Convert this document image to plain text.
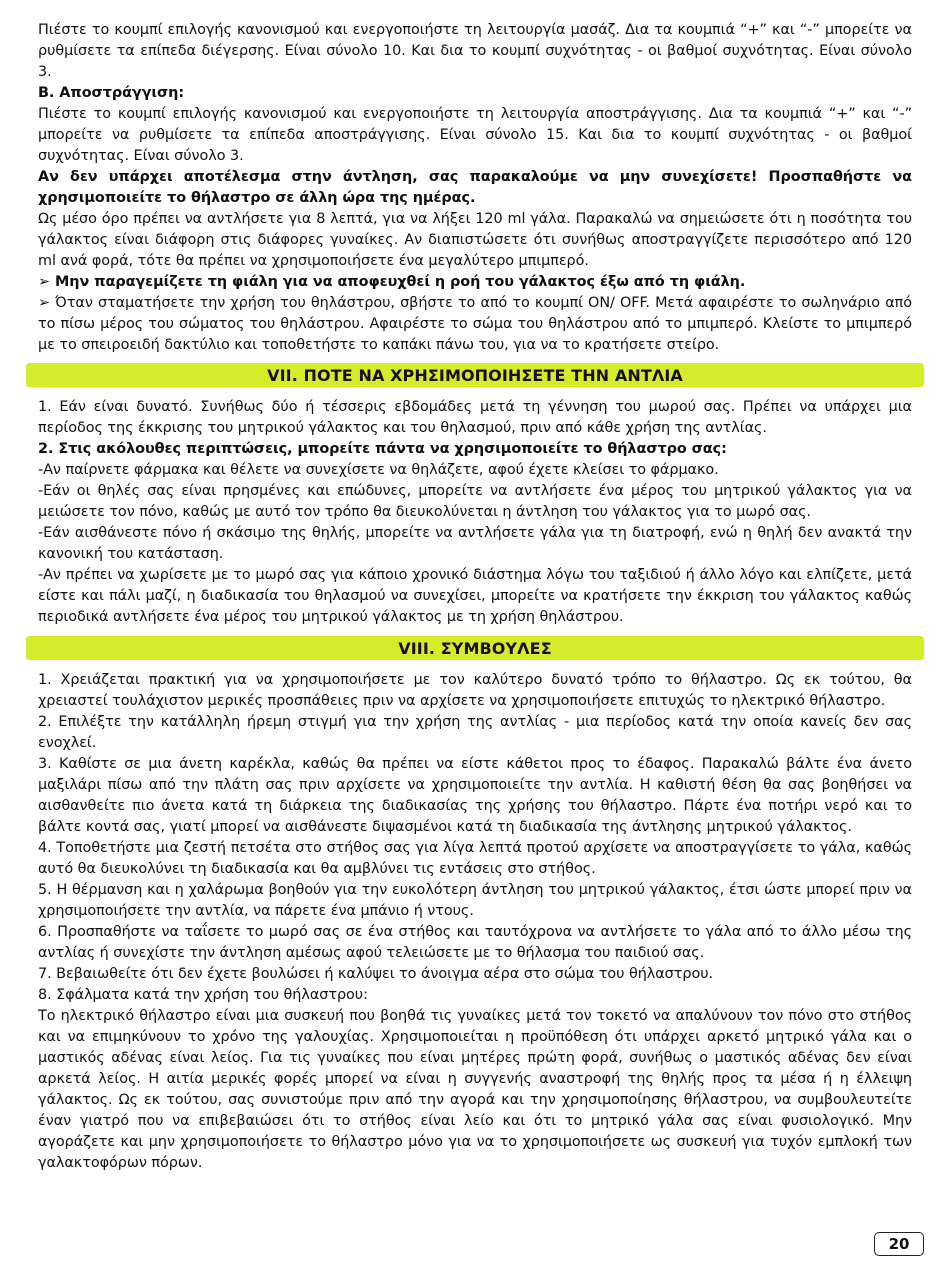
Πιέστε το κουμπί επιλογής κανονισμού και ενεργοποιήστε τη λειτουργία μασάζ. Δια τα κουμπιά “+” και “-” μπορείτε να ρυθμίσετε τα επίπεδα διέγερσης. Είναι σύνολο 10. Και δια το κουμπί συχνότητας - οι βαθμοί συχνότητας. Είναι σύνολο 3.

B. Αποστράγγιση:

Πιέστε το κουμπί επιλογής κανονισμού και ενεργοποιήστε τη λειτουργία αποστράγγισης. Δια τα κουμπιά “+” και “-” μπορείτε να ρυθμίσετε τα επίπεδα αποστράγγισης. Είναι σύνολο 15. Και δια το κουμπί συχνότητας - οι βαθμοί συχνότητας. Είναι σύνολο 3.

Αν δεν υπάρχει αποτέλεσμα στην άντληση, σας παρακαλούμε να μην συνεχίσετε! Προσπαθήστε να χρησιμοποιείτε το θήλαστρο σε άλλη ώρα της ημέρας.

Ως μέσο όρο πρέπει να αντλήσετε για 8 λεπτά, για να λήξει 120 ml γάλα. Παρακαλώ να σημειώσετε ότι η ποσότητα του γάλακτος είναι διάφορη στις διάφορες γυναίκες. Αν διαπιστώσετε ότι συνήθως αποστραγγίζετε περισσότερο από 120 ml ανά φορά, τότε θα πρέπει να χρησιμοποιήσετε ένα μεγαλύτερο μπιμπερό.

➢ Μην παραγεμίζετε τη φιάλη για να αποφευχθεί η ροή του γάλακτος έξω από τη φιάλη.

➢ Όταν σταματήσετε την χρήση του θηλάστρου, σβήστε το από το κουμπί ON/ OFF. Μετά αφαιρέστε το σωληνάριο από το πίσω μέρος του σώματος του θηλάστρου. Αφαιρέστε το σώμα του θηλάστρου από το μπιμπερό. Κλείστε το μπιμπερό με το σπειροειδή δακτύλιο και τοποθετήστε το καπάκι πάνω του, για να το κρατήσετε στείρο.

VII. ΠΟΤΕ ΝΑ ΧΡΗΣΙΜΟΠΟΙΗΣΕΤΕ ΤΗΝ ΑΝΤΛΙΑ

1. Εάν είναι δυνατό. Συνήθως δύο ή τέσσερις εβδομάδες μετά τη γέννηση του μωρού σας. Πρέπει να υπάρχει μια περίοδος της έκκρισης του μητρικού γάλακτος και του θηλασμού, πριν από κάθε χρήση της αντλίας.

2. Στις ακόλουθες περιπτώσεις, μπορείτε πάντα να χρησιμοποιείτε το θήλαστρο σας:

-Αν παίρνετε φάρμακα και θέλετε να συνεχίσετε να θηλάζετε, αφού έχετε κλείσει το φάρμακο.

-Εάν οι θηλές σας είναι πρησμένες και επώδυνες, μπορείτε να αντλήσετε ένα μέρος του μητρικού γάλακτος για να μειώσετε τον πόνο, καθώς με αυτό τον τρόπο θα διευκολύνεται η άντληση του γάλακτος για το μωρό σας.

-Εάν αισθάνεστε πόνο ή σκάσιμο της θηλής, μπορείτε να αντλήσετε γάλα για τη διατροφή, ενώ η θηλή δεν ανακτά την κανονική του κατάσταση.

-Αν πρέπει να χωρίσετε με το μωρό σας για κάποιο χρονικό διάστημα λόγω του ταξιδιού ή άλλο λόγο και ελπίζετε, μετά είστε και πάλι μαζί, η διαδικασία του θηλασμού να συνεχίσει, μπορείτε να κρατήσετε την έκκριση του γάλακτος καθώς περιοδικά αντλήσετε ένα μέρος του μητρικού γάλακτος με τη χρήση θηλάστρου.

VIII. ΣΥΜΒΟΥΛΕΣ

1. Χρειάζεται πρακτική για να χρησιμοποιήσετε με τον καλύτερο δυνατό τρόπο το θήλαστρο. Ως εκ τούτου, θα χρειαστεί τουλάχιστον μερικές προσπάθειες πριν να αρχίσετε να χρησιμοποιήσετε επιτυχώς το ηλεκτρικό θήλαστρο.

2. Επιλέξτε την κατάλληλη ήρεμη στιγμή για την χρήση της αντλίας - μια περίοδος κατά την οποία κανείς δεν σας ενοχλεί.

3. Καθίστε σε μια άνετη καρέκλα, καθώς θα πρέπει να είστε κάθετοι προς το έδαφος. Παρακαλώ βάλτε ένα άνετο μαξιλάρι πίσω από την πλάτη σας πριν αρχίσετε να χρησιμοποιείτε την αντλία. Η καθιστή θέση θα σας βοηθήσει να αισθανθείτε πιο άνετα κατά τη διάρκεια της διαδικασίας της χρήσης του θήλαστρο. Πάρτε ένα ποτήρι νερό και το βάλτε κοντά σας, γιατί μπορεί να αισθάνεστε διψασμένοι κατά τη διαδικασία της άντλησης μητρικού γάλακτος.

4. Τοποθετήστε μια ζεστή πετσέτα στο στήθος σας για λίγα λεπτά προτού αρχίσετε να αποστραγγίσετε το γάλα, καθώς αυτό θα διευκολύνει τη διαδικασία και θα αμβλύνει τις εντάσεις στο στήθος.

5. Η θέρμανση και η χαλάρωμα βοηθούν για την ευκολότερη άντληση του μητρικού γάλακτος, έτσι ώστε μπορεί πριν να χρησιμοποιήσετε την αντλία, να πάρετε ένα μπάνιο ή ντους.

6. Προσπαθήστε να ταΐσετε το μωρό σας σε ένα στήθος και ταυτόχρονα να αντλήσετε το γάλα από το άλλο μέσω της αντλίας ή συνεχίστε την άντληση αμέσως αφού τελειώσετε με το θήλασμα του παιδιού σας.

7. Βεβαιωθείτε ότι δεν έχετε βουλώσει ή καλύψει το άνοιγμα αέρα στο σώμα του θήλαστρου.

8. Σφάλματα κατά την χρήση του θήλαστρου:

Το ηλεκτρικό θήλαστρο είναι μια συσκευή που βοηθά τις γυναίκες μετά τον τοκετό να απαλύνουν τον πόνο στο στήθος και να επιμηκύνουν το χρόνο της γαλουχίας. Χρησιμοποιείται η προϋπόθεση ότι υπάρχει αρκετό μητρικό γάλα και ο μαστικός αδένας είναι λείος. Για τις γυναίκες που είναι μητέρες πρώτη φορά, συνήθως ο μαστικός αδένας δεν είναι αρκετά λείος. Η αιτία μερικές φορές μπορεί να είναι η συγγενής αναστροφή της θηλής προς τα μέσα ή η έλλειψη γάλακτος. Ως εκ τούτου, σας συνιστούμε πριν από την αγορά και την χρησιμοποίησης θήλαστρου, να συμβουλευτείτε έναν γιατρό που να επιβεβαιώσει ότι το στήθος είναι λείο και ότι το μητρικό γάλα σας είναι φυσιολογικό. Μην αγοράζετε και μην χρησιμοποιήσετε το θήλαστρο μόνο για να το χρησιμοποιήσετε ως συσκευή για τυχόν εμπλοκή των γαλακτοφόρων πόρων.

20
